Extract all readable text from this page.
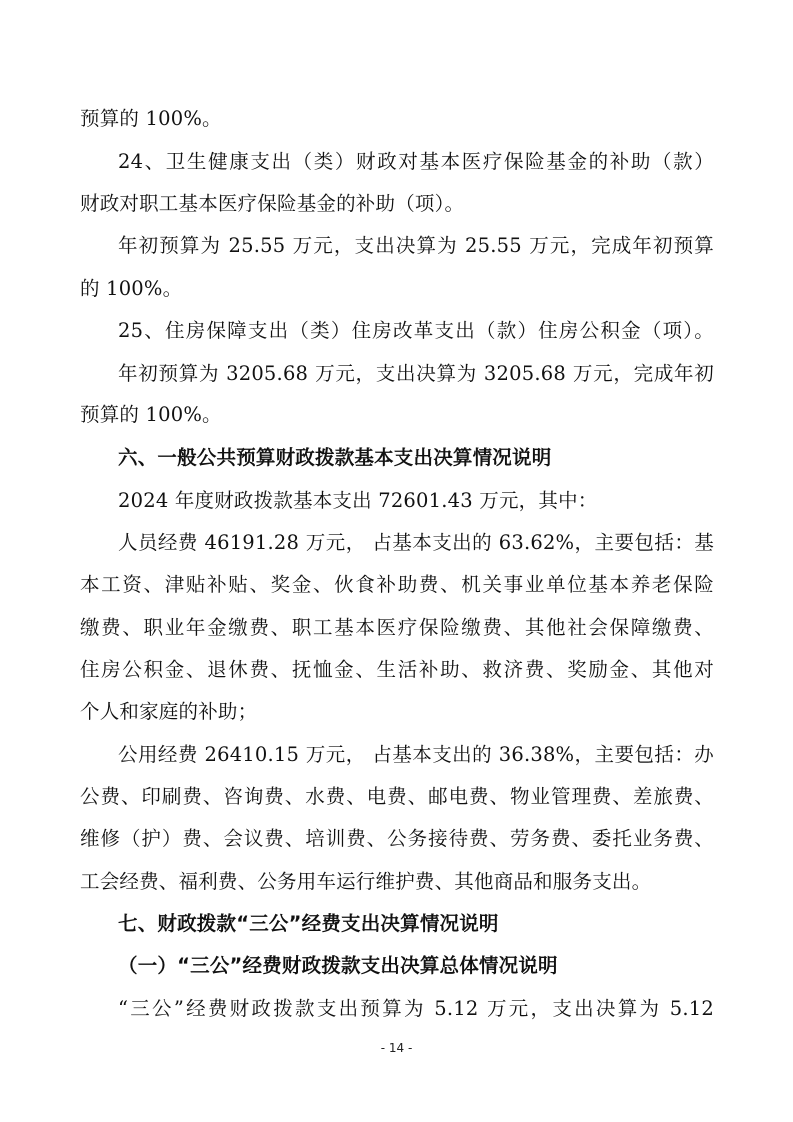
预算的 100%。
24、卫生健康支出（类）财政对基本医疗保险基金的补助（款）
财政对职工基本医疗保险基金的补助（项）。
年初预算为 25.55 万元，支出决算为 25.55 万元，完成年初预算
的 100%。
25、住房保障支出（类）住房改革支出（款）住房公积金（项）。
年初预算为 3205.68 万元，支出决算为 3205.68 万元，完成年初
预算的 100%。
六、一般公共预算财政拨款基本支出决算情况说明
2024 年度财政拨款基本支出 72601.43 万元，其中：
人员经费 46191.28 万元， 占基本支出的 63.62%，主要包括：基
本工资、津贴补贴、奖金、伙食补助费、机关事业单位基本养老保险
缴费、职业年金缴费、职工基本医疗保险缴费、其他社会保障缴费、
住房公积金、退休费、抚恤金、生活补助、救济费、奖励金、其他对
个人和家庭的补助；
公用经费 26410.15 万元， 占基本支出的 36.38%，主要包括：办
公费、印刷费、咨询费、水费、电费、邮电费、物业管理费、差旅费、
维修（护）费、会议费、培训费、公务接待费、劳务费、委托业务费、
工会经费、福利费、公务用车运行维护费、其他商品和服务支出。
七、财政拨款“三公”经费支出决算情况说明
（一）“三公”经费财政拨款支出决算总体情况说明
“三公”经费财政拨款支出预算为 5.12 万元，支出决算为 5.12
- 14 -
